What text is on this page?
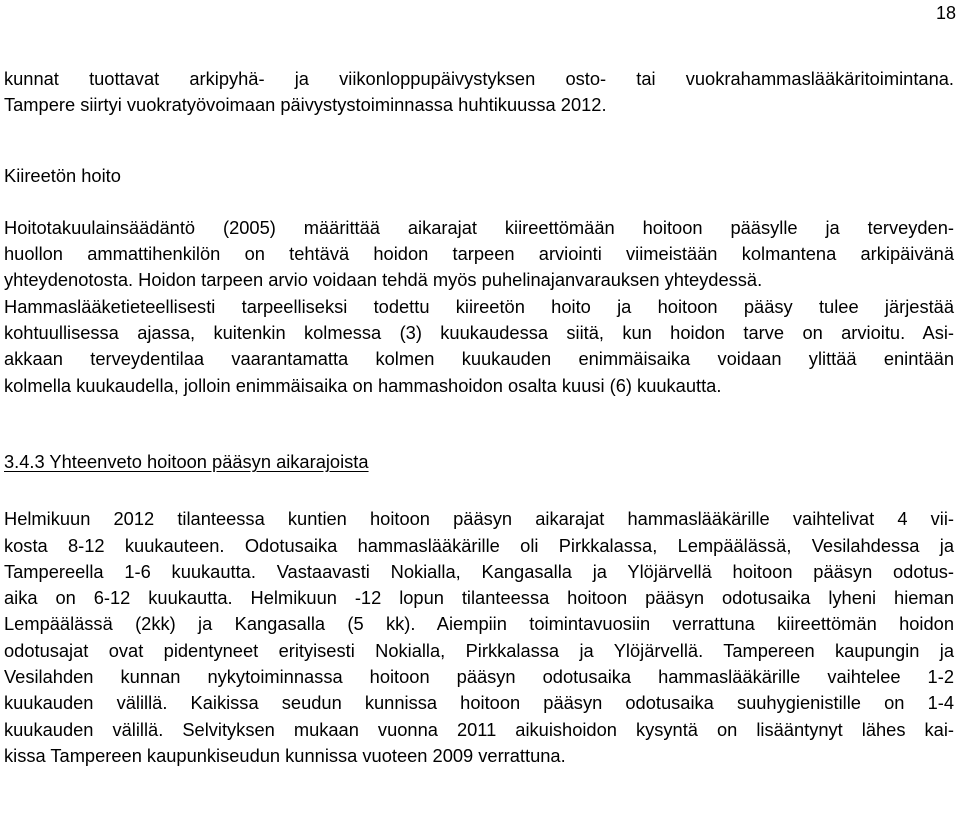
18
kunnat tuottavat arkipyhä- ja viikonloppupäivystyksen osto- tai vuokrahammaslääkäritoimintana.
Tampere siirtyi vuokratyövoimaan päivystystoiminnassa huhtikuussa 2012.
Kiireetön hoito
Hoitotakuulainsäädäntö (2005) määrittää aikarajat kiireettömään hoitoon pääsylle ja terveyden-
huollon ammattihenkilön on tehtävä hoidon tarpeen arviointi viimeistään kolmantena arkipäivänä
yhteydenotosta. Hoidon tarpeen arvio voidaan tehdä myös puhelinajanvarauksen yhteydessä.
Hammaslääketieteellisesti tarpeelliseksi todettu kiireetön hoito ja hoitoon pääsy tulee järjestää
kohtuullisessa ajassa, kuitenkin kolmessa (3) kuukaudessa siitä, kun hoidon tarve on arvioitu. Asi-
akkaan terveydentilaa vaarantamatta kolmen kuukauden enimmäisaika voidaan ylittää enintään
kolmella kuukaudella, jolloin enimmäisaika on hammashoidon osalta kuusi (6) kuukautta.
3.4.3 Yhteenveto hoitoon pääsyn aikarajoista
Helmikuun 2012 tilanteessa kuntien hoitoon pääsyn aikarajat hammaslääkärille vaihtelivat 4 vii-
kosta 8-12 kuukauteen. Odotusaika hammaslääkärille oli Pirkkalassa, Lempäälässä, Vesilahdessa ja
Tampereella 1-6 kuukautta. Vastaavasti Nokialla, Kangasalla ja Ylöjärvellä hoitoon pääsyn odotus-
aika on 6-12 kuukautta. Helmikuun -12 lopun tilanteessa hoitoon pääsyn odotusaika lyheni hieman
Lempäälässä (2kk) ja Kangasalla (5 kk). Aiempiin toimintavuosiin verrattuna kiireettömän hoidon
odotusajat ovat pidentyneet erityisesti Nokialla, Pirkkalassa ja Ylöjärvellä. Tampereen kaupungin ja
Vesilahden kunnan nykytoiminnassa hoitoon pääsyn odotusaika hammaslääkärille vaihtelee 1-2
kuukauden välillä. Kaikissa seudun kunnissa hoitoon pääsyn odotusaika suuhygienistille on 1-4
kuukauden välillä. Selvityksen mukaan vuonna 2011 aikuishoidon kysyntä on lisääntynyt lähes kai-
kissa Tampereen kaupunkiseudun kunnissa vuoteen 2009 verrattuna.
